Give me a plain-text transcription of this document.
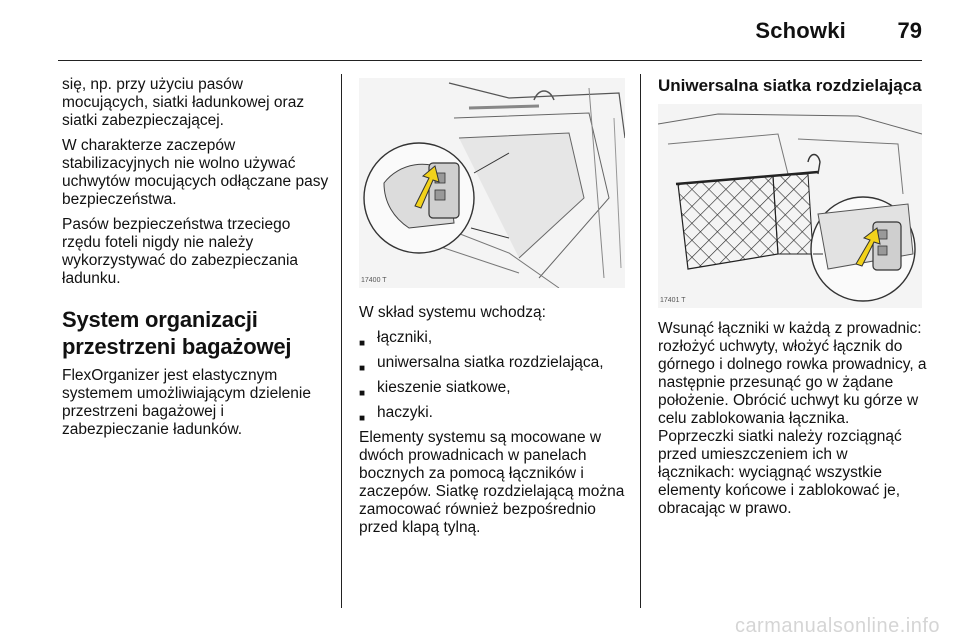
Schowki 79

się, np. przy użyciu pasów mocujących, siatki ładunkowej oraz siatki zabezpieczającej.

W charakterze zaczepów stabilizacyjnych nie wolno używać uchwytów mocujących odłączane pasy bezpieczeństwa.

Pasów bezpieczeństwa trzeciego rzędu foteli nigdy nie należy wykorzystywać do zabezpieczania ładunku.

System organizacji przestrzeni bagażowej

FlexOrganizer jest elastycznym systemem umożliwiającym dzielenie przestrzeni bagażowej i zabezpieczanie ładunków.

17400 T

W skład systemu wchodzą:

■
łączniki,
■
uniwersalna siatka rozdzielająca,
■
kieszenie siatkowe,
■
haczyki.

Elementy systemu są mocowane w dwóch prowadnicach w panelach bocznych za pomocą łączników i zaczepów. Siatkę rozdzielającą można zamocować również bezpośrednio przed klapą tylną.

Uniwersalna siatka rozdzielająca
17401 T

Wsunąć łączniki w każdą z prowadnic: rozłożyć uchwyty, włożyć łącznik do górnego i dolnego rowka prowadnicy, a następnie przesunąć go w żądane położenie. Obrócić uchwyt ku górze w celu zablokowania łącznika. Poprzeczki siatki należy rozciągnąć przed umieszczeniem ich w łącznikach: wyciągnąć wszystkie elementy końcowe i zablokować je, obracając w prawo.

carmanualsonline.info
